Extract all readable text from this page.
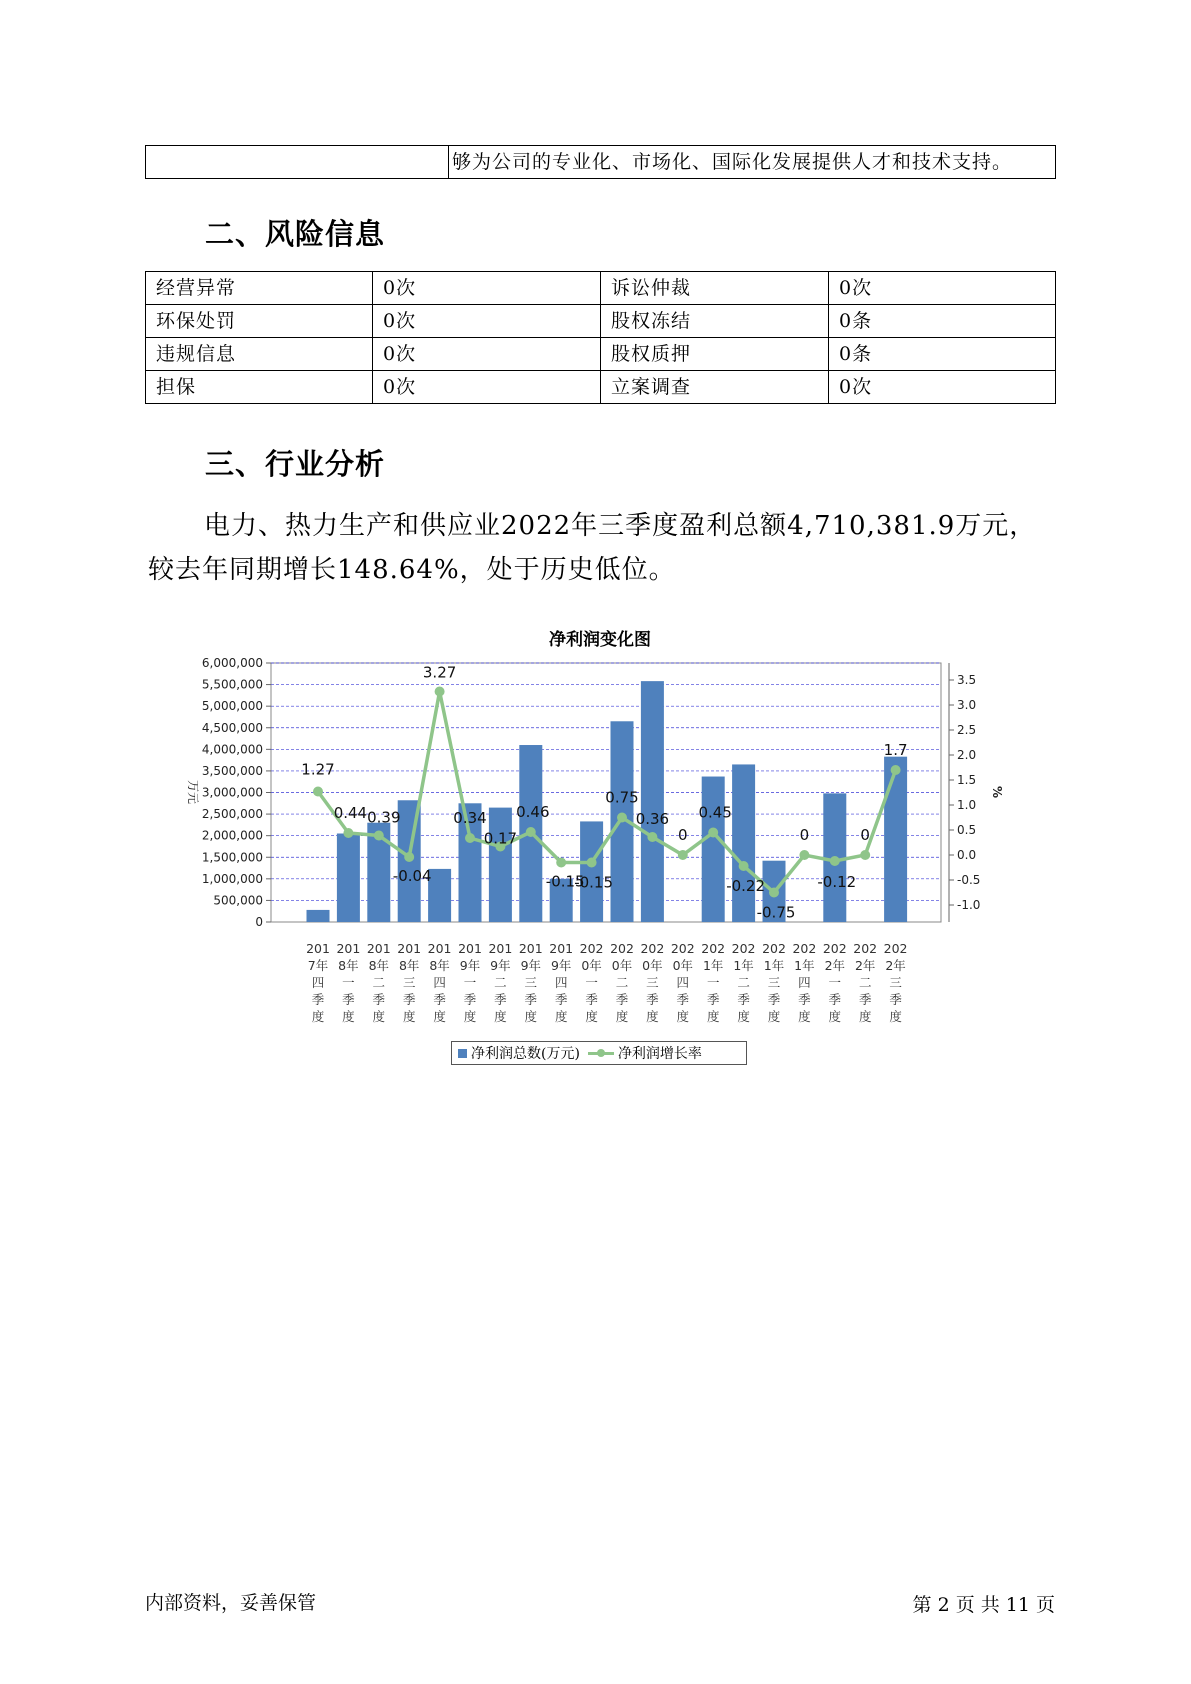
	够为公司的专业化、市场化、国际化发展提供人才和技术支持。
二、风险信息
经营异常	0次	诉讼仲裁	0次
环保处罚	0次	股权冻结	0条
违规信息	0次	股权质押	0条
担保	0次	立案调查	0次
三、行业分析
电力、热力生产和供应业2022年三季度盈利总额4,710,381.9万元，较去年同期增长148.64%，处于历史低位。
净利润变化图
0
500,000
1,000,000
1,500,000
2,000,000
2,500,000
3,000,000
3,500,000
4,000,000
4,500,000
5,000,000
5,500,000
6,000,000
万元
-1.0
-0.5
0.0
0.5
1.0
1.5
2.0
2.5
3.0
3.5
%
201
7年
四
季
度
201
8年
一
季
度
201
8年
二
季
度
201
8年
三
季
度
201
8年
四
季
度
201
9年
一
季
度
201
9年
二
季
度
201
9年
三
季
度
201
9年
四
季
度
202
0年
一
季
度
202
0年
二
季
度
202
0年
三
季
度
202
0年
四
季
度
202
1年
一
季
度
202
1年
二
季
度
202
1年
三
季
度
202
1年
四
季
度
202
2年
一
季
度
202
2年
二
季
度
202
2年
三
季
度
1.27
0.44 0.39
-0.04
3.27
0.34
0.17
0.46
-0.15
-0.15
0.75
0.36
0
0.45
-0.22
-0.75
0
-0.12
0
1.7
净利润总数(万元)	净利润增长率
内部资料，妥善保管	第 2 页 共 11 页
